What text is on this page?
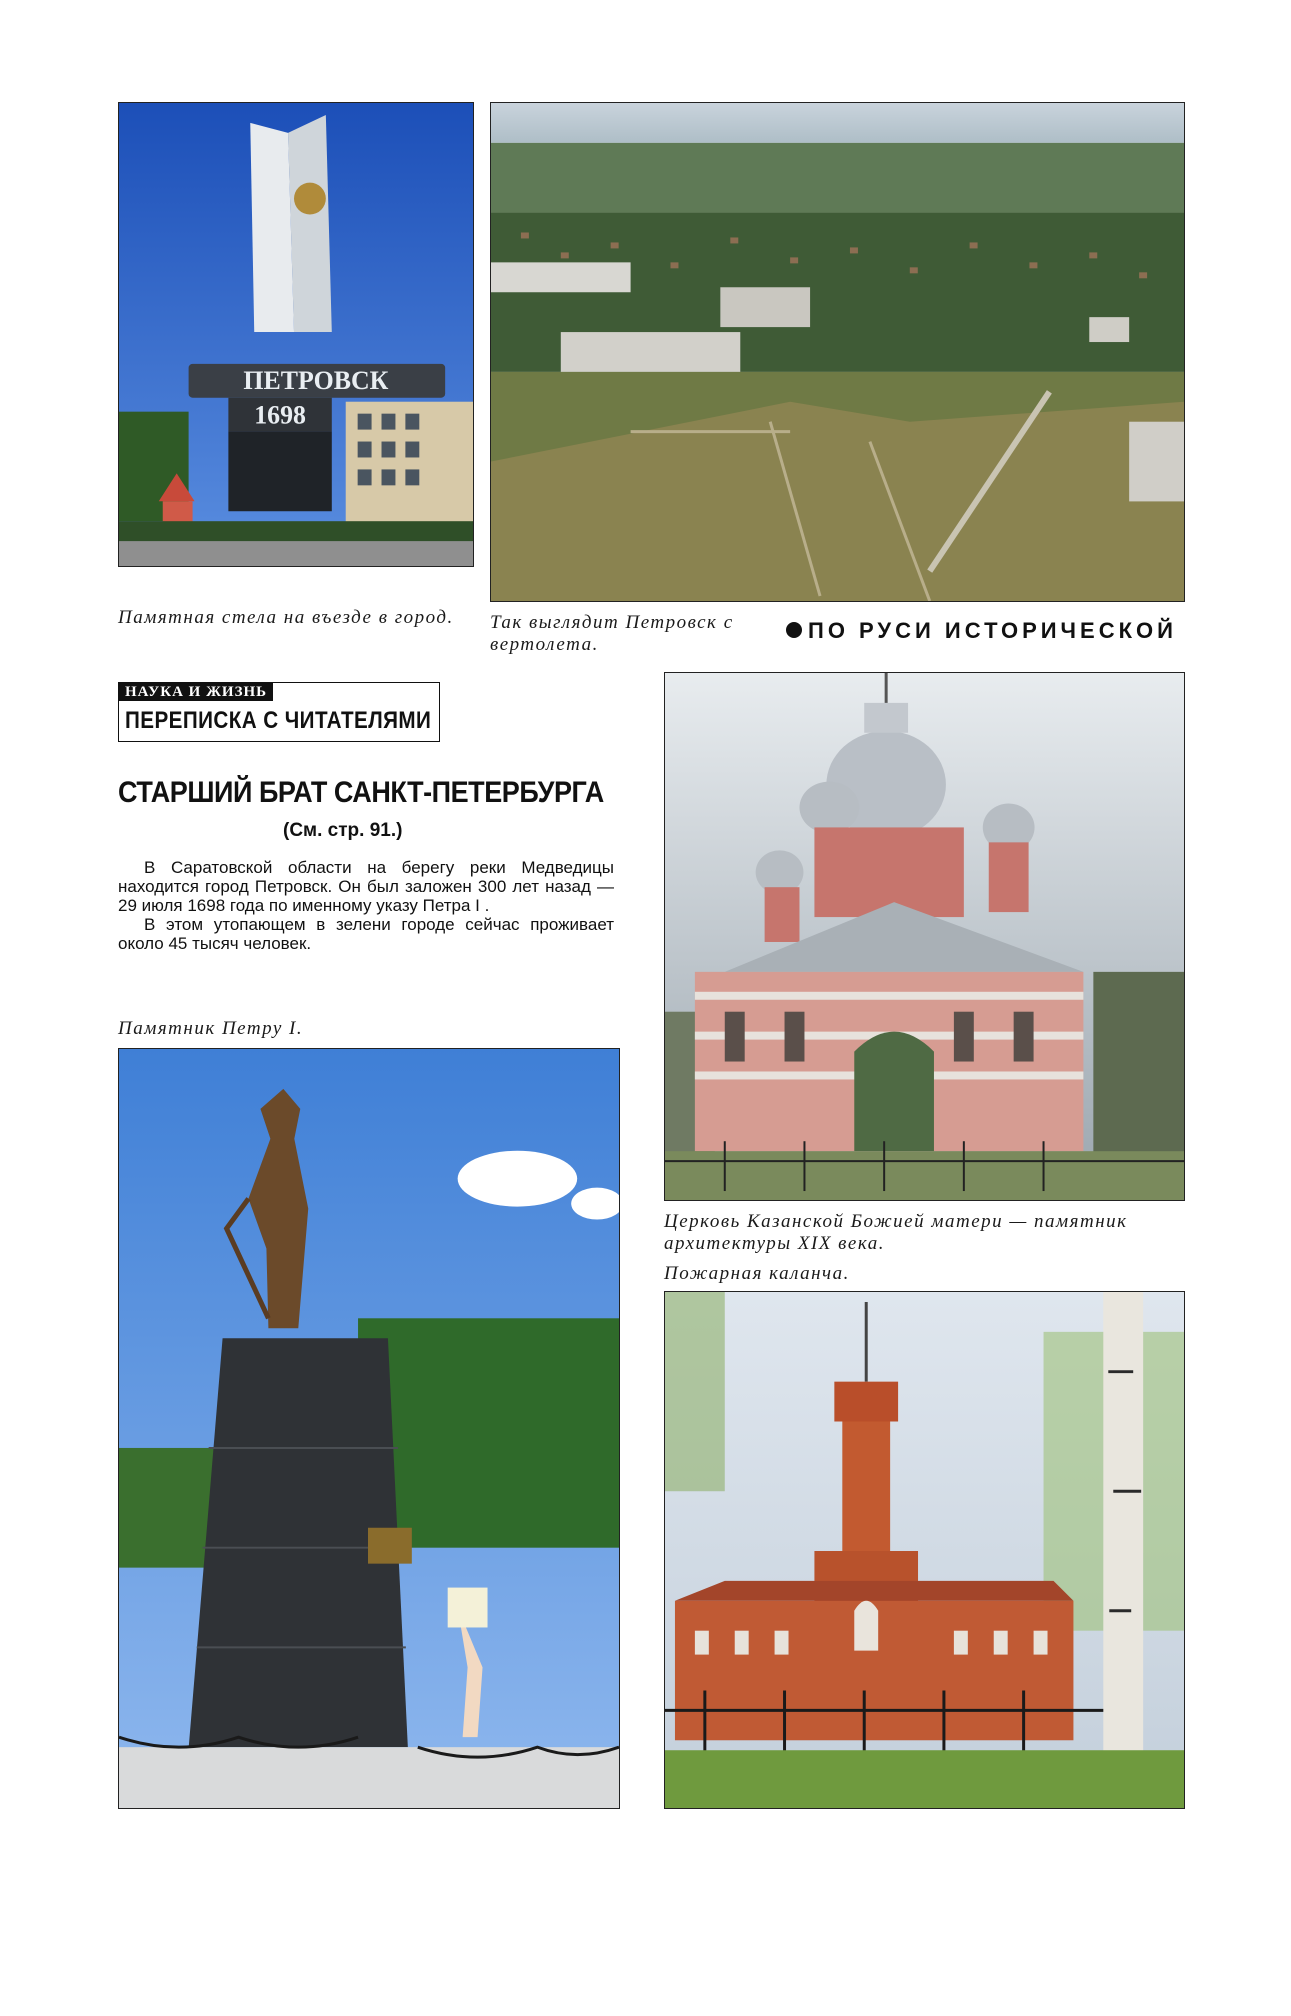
ПЕТРОВСК
1698
Памятная стела на въезде в город.	Так выглядит Петровск с вертолета.
ПО РУСИ ИСТОРИЧЕСКОЙ
НАУКА И ЖИЗНЬ
ПЕРЕПИСКА С ЧИТАТЕЛЯМИ
СТАРШИЙ БРАТ САНКТ-ПЕТЕРБУРГА
(См. стр. 91.)

В Саратовской области на берегу реки Медведицы находится город Петровск. Он был заложен 300 лет назад — 29 июля 1698 года по именному указу Петра I .

В этом утопающем в зелени городе сейчас проживает около 45 тысяч человек.

Памятник Петру I.
Церковь Казанской Божией матери — памятник архитектуры XIX века.
Пожарная каланча.
